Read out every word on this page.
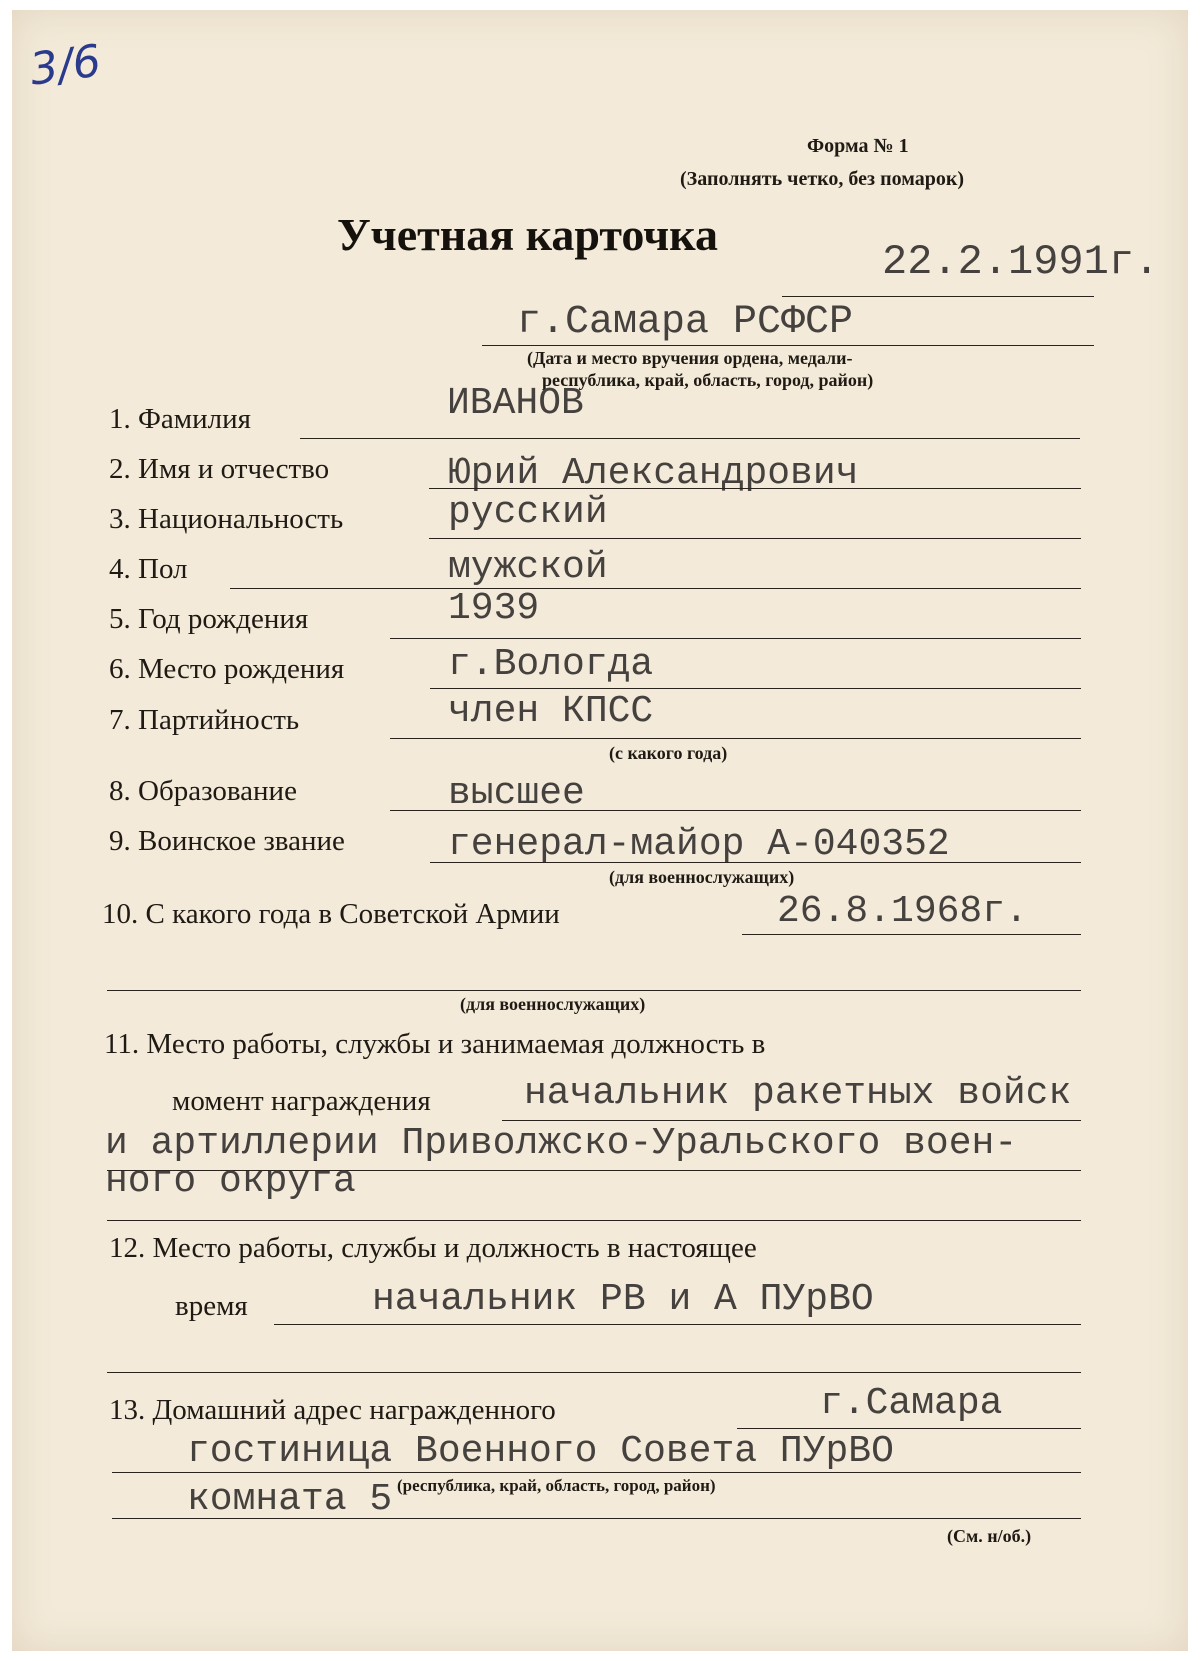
3/6
Форма № 1
(Заполнять четко, без помарок)
Учетная карточка
22.2.1991г.
г.Самара РСФСР
(Дата и место вручения ордена, медали-
республика, край, область, город, район)
1. Фамилия	ИВАНОВ
2. Имя и отчество	Юрий Александрович
3. Национальность	русский
4. Пол	мужской
5. Год рождения	1939
6. Место рождения	г.Вологда
7. Партийность	член КПСС
(с какого года)
8. Образование	высшее
9. Воинское звание	генерал-майор А-040352
(для военнослужащих)
10. С какого года в Советской Армии	26.8.1968г.
(для военнослужащих)
11. Место работы, службы и занимаемая должность в
момент награждения начальник ракетных войск
и артиллерии Приволжско-Уральского воен-
ного округа
12. Место работы, службы и должность в настоящее
время	начальник РВ и А ПУрВО
13. Домашний адрес награжденного	г.Самара
гостиница Военного Совета ПУрВО
комната 5 (республика, край, область, город, район)
(См. н/об.)
